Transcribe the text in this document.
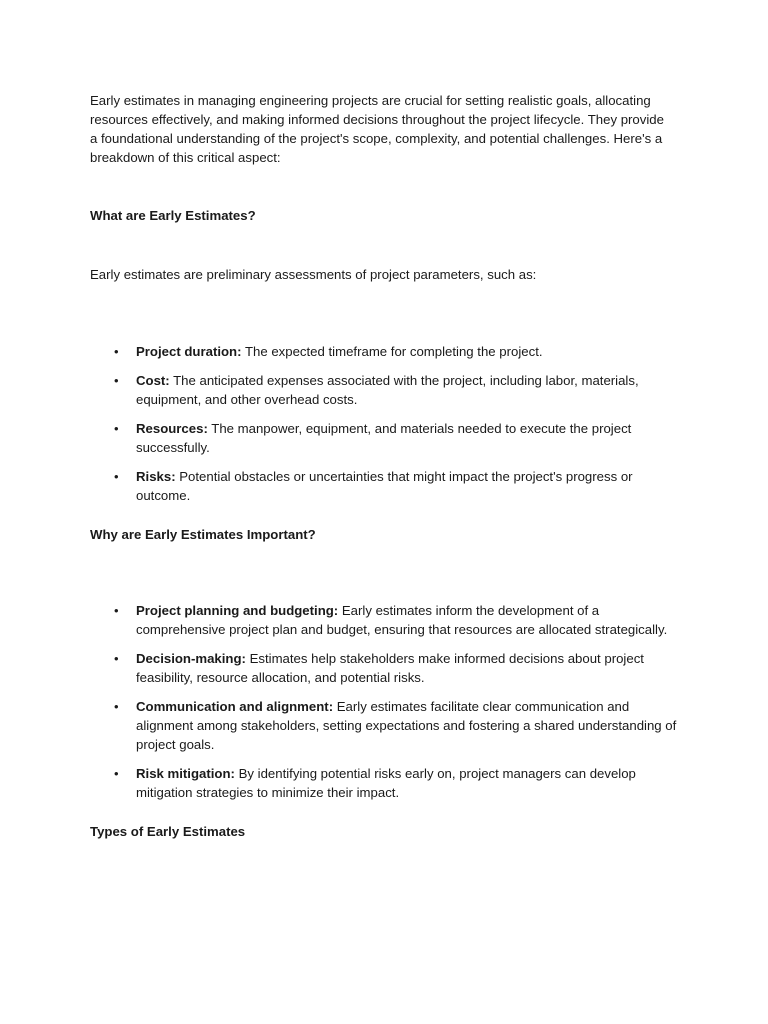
Early estimates in managing engineering projects are crucial for setting realistic goals, allocating resources effectively, and making informed decisions throughout the project lifecycle. They provide a foundational understanding of the project's scope, complexity, and potential challenges. Here's a breakdown of this critical aspect:

What are Early Estimates?

Early estimates are preliminary assessments of project parameters, such as:

• Project duration: The expected timeframe for completing the project.
• Cost: The anticipated expenses associated with the project, including labor, materials, equipment, and other overhead costs.
• Resources: The manpower, equipment, and materials needed to execute the project successfully.
• Risks: Potential obstacles or uncertainties that might impact the project's progress or outcome.

Why are Early Estimates Important?

• Project planning and budgeting: Early estimates inform the development of a comprehensive project plan and budget, ensuring that resources are allocated strategically.
• Decision-making: Estimates help stakeholders make informed decisions about project feasibility, resource allocation, and potential risks.
• Communication and alignment: Early estimates facilitate clear communication and alignment among stakeholders, setting expectations and fostering a shared understanding of project goals.
• Risk mitigation: By identifying potential risks early on, project managers can develop mitigation strategies to minimize their impact.

Types of Early Estimates
